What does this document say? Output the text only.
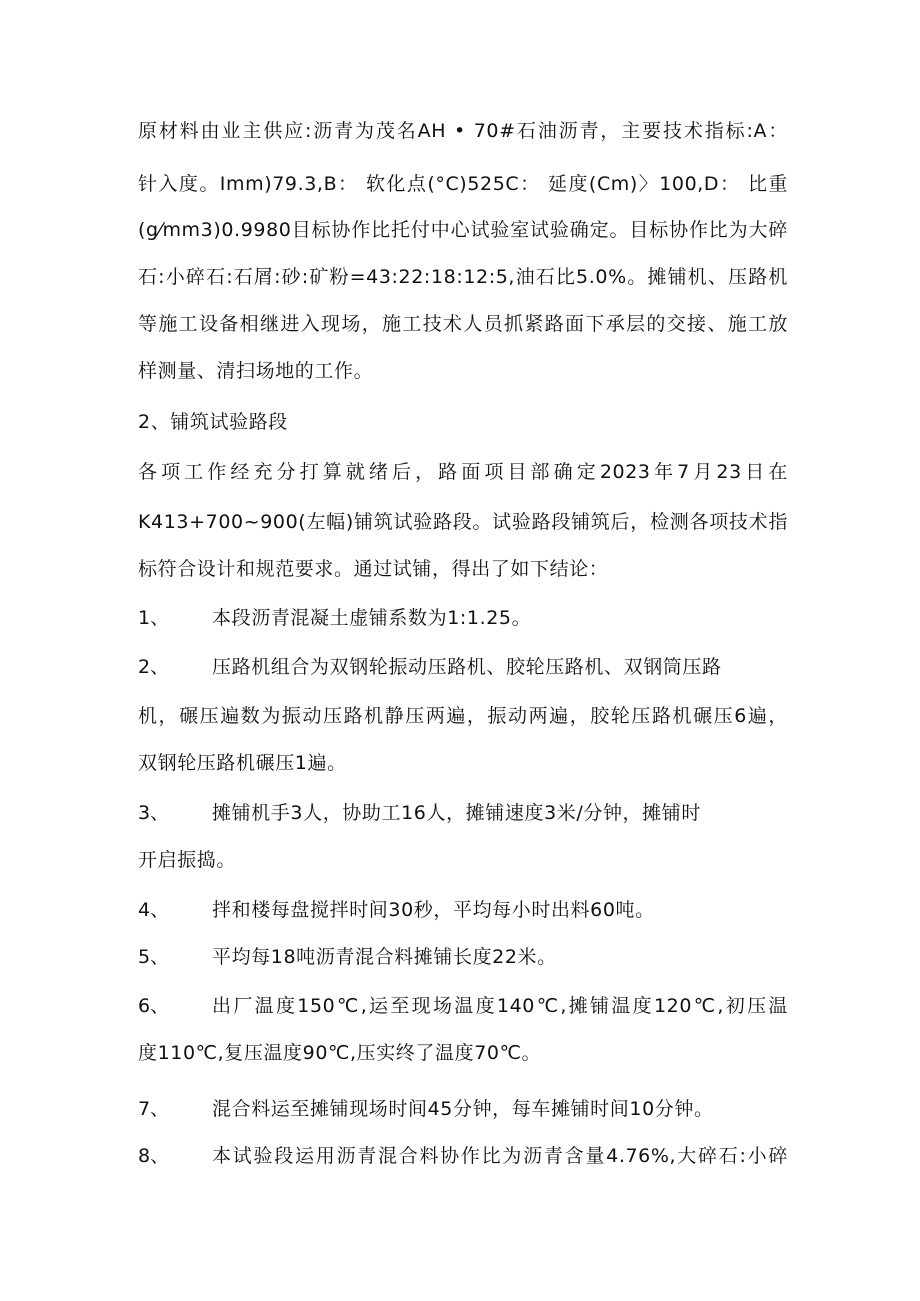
原材料由业主供应:沥青为茂名AH • 70#石油沥青，主要技术指标:A：
针入度。Imm)79.3,B： 软化点(°C)525C： 延度(Cm)〉100,D： 比重
(g⁄mm3)0.9980目标协作比托付中心试验室试验确定。目标协作比为大碎
石:小碎石:石屑:砂:矿粉=43:22:18:12:5,油石比5.0%。摊铺机、压路机
等施工设备相继进入现场，施工技术人员抓紧路面下承层的交接、施工放
样测量、清扫场地的工作。
2、铺筑试验路段
各项工作经充分打算就绪后，路面项目部确定2023年7月23日在
K413+700~900(左幅)铺筑试验路段。试验路段铺筑后，检测各项技术指
标符合设计和规范要求。通过试铺，得出了如下结论：
1、 本段沥青混凝土虚铺系数为1:1.25。
2、 压路机组合为双钢轮振动压路机、胶轮压路机、双钢筒压路
机，碾压遍数为振动压路机静压两遍，振动两遍，胶轮压路机碾压6遍，
双钢轮压路机碾压1遍。
3、 摊铺机手3人，协助工16人，摊铺速度3米/分钟，摊铺时
开启振捣。
4、 拌和楼每盘搅拌时间30秒，平均每小时出料60吨。
5、 平均每18吨沥青混合料摊铺长度22米。
6、 出厂温度150℃,运至现场温度140℃,摊铺温度120℃,初压温
度110℃,复压温度90℃,压实终了温度70℃。
7、 混合料运至摊铺现场时间45分钟，每车摊铺时间10分钟。
8、 本试验段运用沥青混合料协作比为沥青含量4.76%,大碎石:小碎
